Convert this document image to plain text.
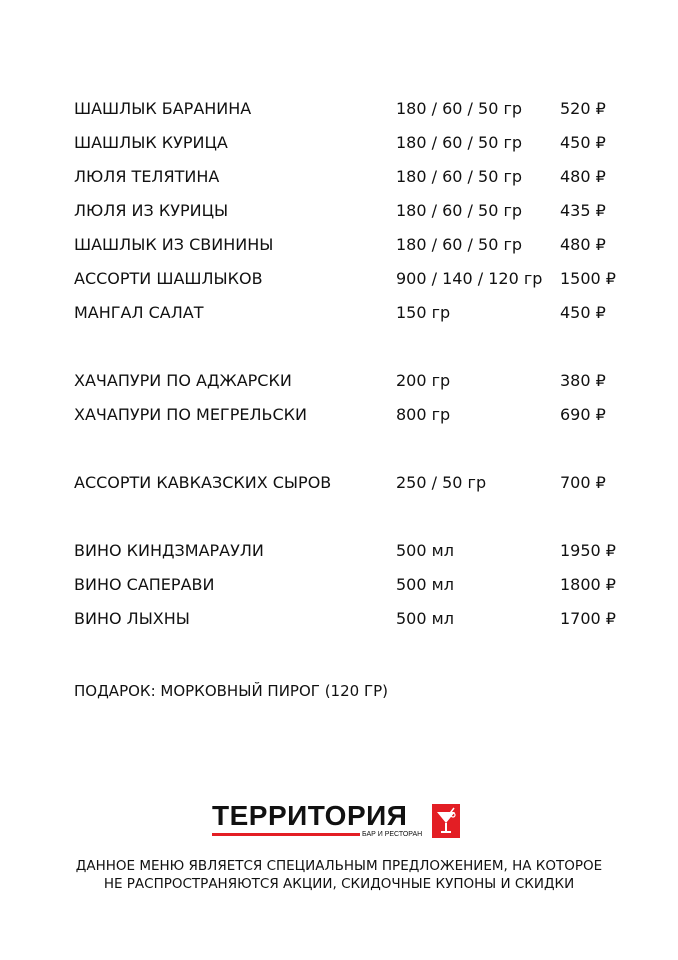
ШАШЛЫК БАРАНИНА	180 / 60 / 50 гр 520 ₽
ШАШЛЫК КУРИЦА	180 / 60 / 50 гр 450 ₽
ЛЮЛЯ ТЕЛЯТИНА	180 / 60 / 50 гр 480 ₽
ЛЮЛЯ ИЗ КУРИЦЫ	180 / 60 / 50 гр 435 ₽
ШАШЛЫК ИЗ СВИНИНЫ	180 / 60 / 50 гр 480 ₽
АССОРТИ ШАШЛЫКОВ	900 / 140 / 120 гр 1500 ₽
МАНГАЛ САЛАТ	150 гр	450 ₽
ХАЧАПУРИ ПО АДЖАРСКИ	200 гр	380 ₽
ХАЧАПУРИ ПО МЕГРЕЛЬСКИ	800 гр	690 ₽
АССОРТИ КАВКАЗСКИХ СЫРОВ	250 / 50 гр	700 ₽
ВИНО КИНДЗМАРАУЛИ	500 мл	1950 ₽
ВИНО САПЕРАВИ	500 мл	1800 ₽
ВИНО ЛЫХНЫ	500 мл	1700 ₽
ПОДАРОК: МОРКОВНЫЙ ПИРОГ (120 ГР)
ТЕРРИТОРИЯ
БАР И РЕСТОРАН
ДАННОЕ МЕНЮ ЯВЛЯЕТСЯ СПЕЦИАЛЬНЫМ ПРЕДЛОЖЕНИЕМ, НА КОТОРОЕ
НЕ РАСПРОСТРАНЯЮТСЯ АКЦИИ, СКИДОЧНЫЕ КУПОНЫ И СКИДКИ
